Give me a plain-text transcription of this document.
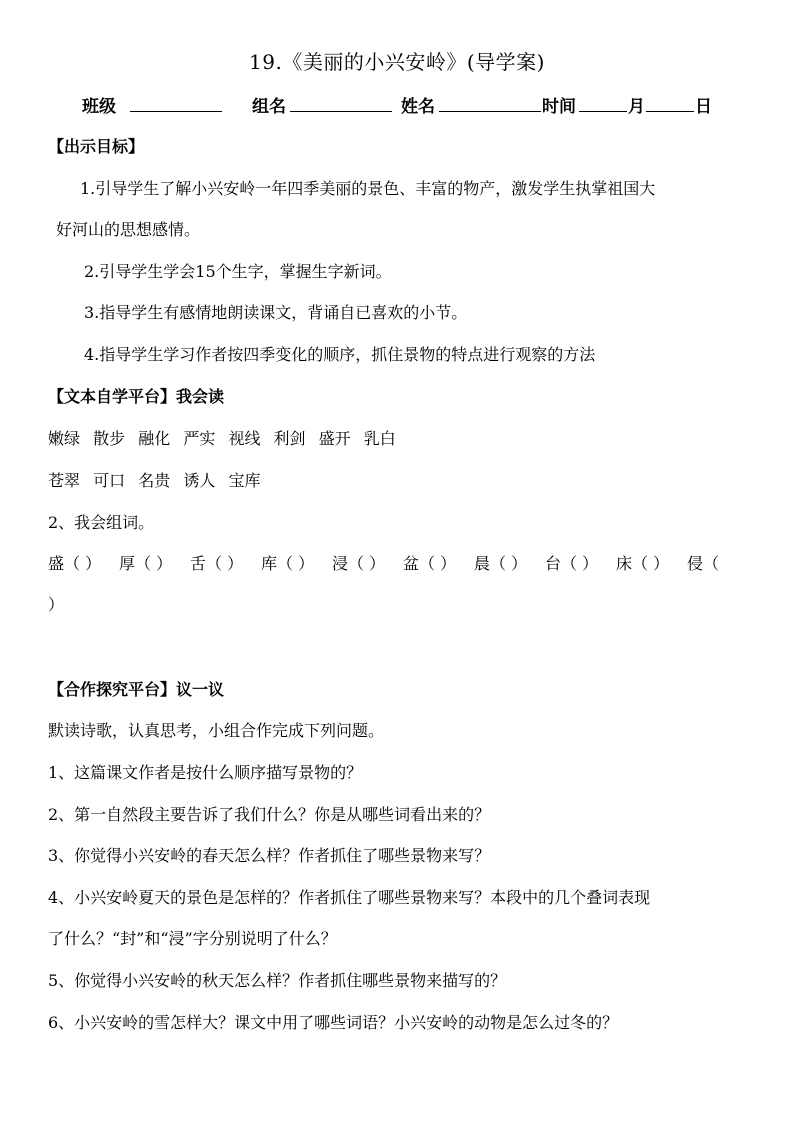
19.《美丽的小兴安岭》(导学案)
班级	组名	姓名	时间	月	日
【出示目标】
1.引导学生了解小兴安岭一年四季美丽的景色、丰富的物产，激发学生执掌祖国大
好河山的思想感情。
2.引导学生学会15个生字，掌握生字新词。
3.指导学生有感情地朗读课文，背诵自已喜欢的小节。
4.指导学生学习作者按四季变化的顺序，抓住景物的特点进行观察的方法
【文本自学平台】我会读
嫩绿 散步 融化 严实 视线 利剑 盛开 乳白
苍翠 可口 名贵 诱人 宝库
2、我会组词。
盛（ ） 厚（ ） 舌（ ） 库（ ） 浸（ ） 盆（ ） 晨（ ） 台（ ） 床（ ） 侵（
）
【合作探究平台】议一议
默读诗歌，认真思考，小组合作完成下列问题。
1、这篇课文作者是按什么顺序描写景物的？
2、第一自然段主要告诉了我们什么？你是从哪些词看出来的？
3、你觉得小兴安岭的春天怎么样？作者抓住了哪些景物来写？
4、小兴安岭夏天的景色是怎样的？作者抓住了哪些景物来写？本段中的几个叠词表现
了什么？“封”和“浸”字分别说明了什么？
5、你觉得小兴安岭的秋天怎么样？作者抓住哪些景物来描写的？
6、小兴安岭的雪怎样大？课文中用了哪些词语？小兴安岭的动物是怎么过冬的？
